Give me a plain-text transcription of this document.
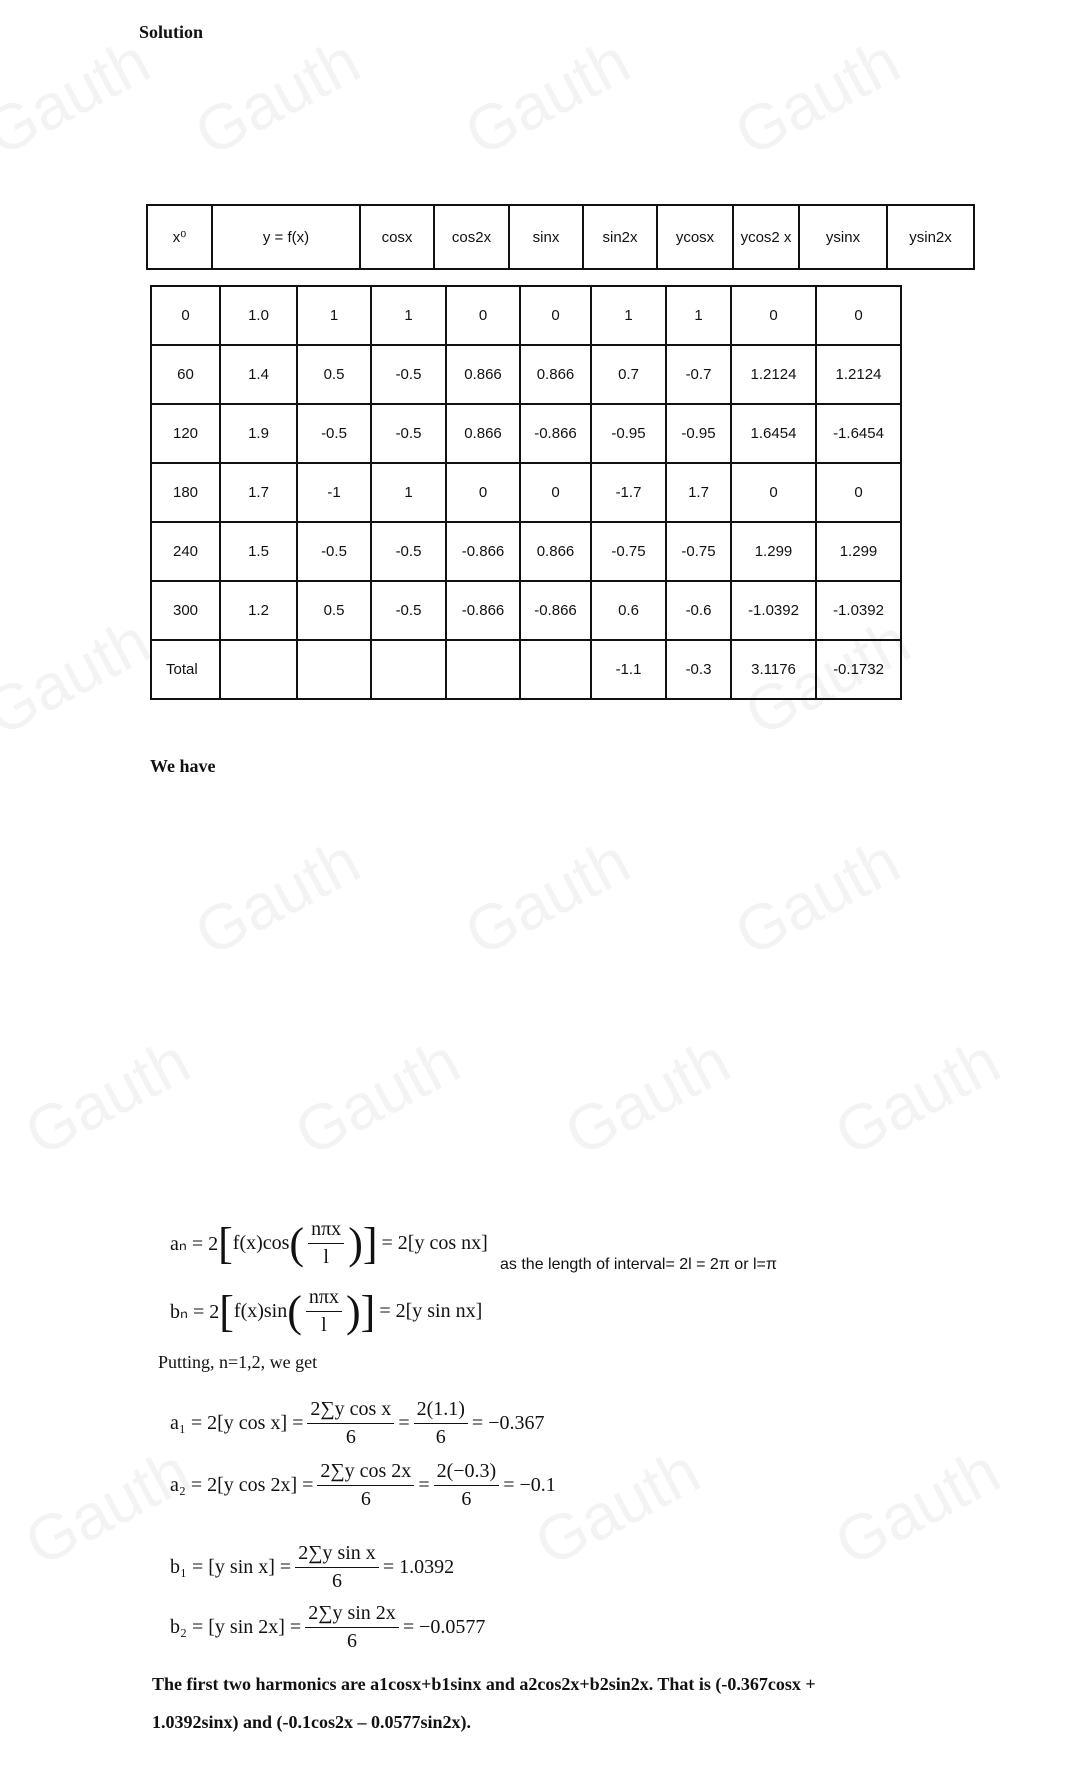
Solution
x⁰	y = f(x)	cosx	cos2x	sinx	sin2x	ycosx	ycos2 x	ysinx	ysin2x
0	1.0	1	1	0	0	1	1	0	0
60	1.4	0.5	-0.5	0.866	0.866	0.7	-0.7	1.2124	1.2124
120	1.9	-0.5	-0.5	0.866	-0.866	-0.95	-0.95	1.6454	-1.6454
180	1.7	-1	1	0	0	-1.7	1.7	0	0
240	1.5	-0.5	-0.5	-0.866	0.866	-0.75	-0.75	1.299	1.299
300	1.2	0.5	-0.5	-0.866	-0.866	0.6	-0.6	-1.0392	-1.0392
Total						-1.1	-0.3	3.1176	-0.1732
We have
aₙ = 2 [ f(x)cos ( $\frac{\text{nπx}}{l}$ )] = 2[y cos nx]
bₙ = 2 [ f(x)sin ( $\frac{\text{nπx}}{l}$ )] = 2[y sin nx]
as the length of interval= 2l = 2π or l=π
Putting, n=1,2, we get
a₁ = 2[y $\cos x] = \frac{\text{2∑y cos x}}{6} = \frac{2(1.1)}{6} = -0.367$
a₂ = 2[y $\cos 2x] = \frac{\text{2∑y cos 2x}}{6} = \frac{2(-0.3)}{6} = -0.1$
b₁ = [y $\sin x] = \frac{\text{2∑y sin x}}{6} = 1.0392$
b₂ = [y $\sin 2x] = \frac{\text{2∑y sin 2x}}{6} = -0.0577$
The first two harmonics are a1cosx+b1sinx and a2cos2x+b2sin2x. That is (-0.367cosx +
1.0392sinx) and (-0.1cos2x – 0.0577sin2x).
